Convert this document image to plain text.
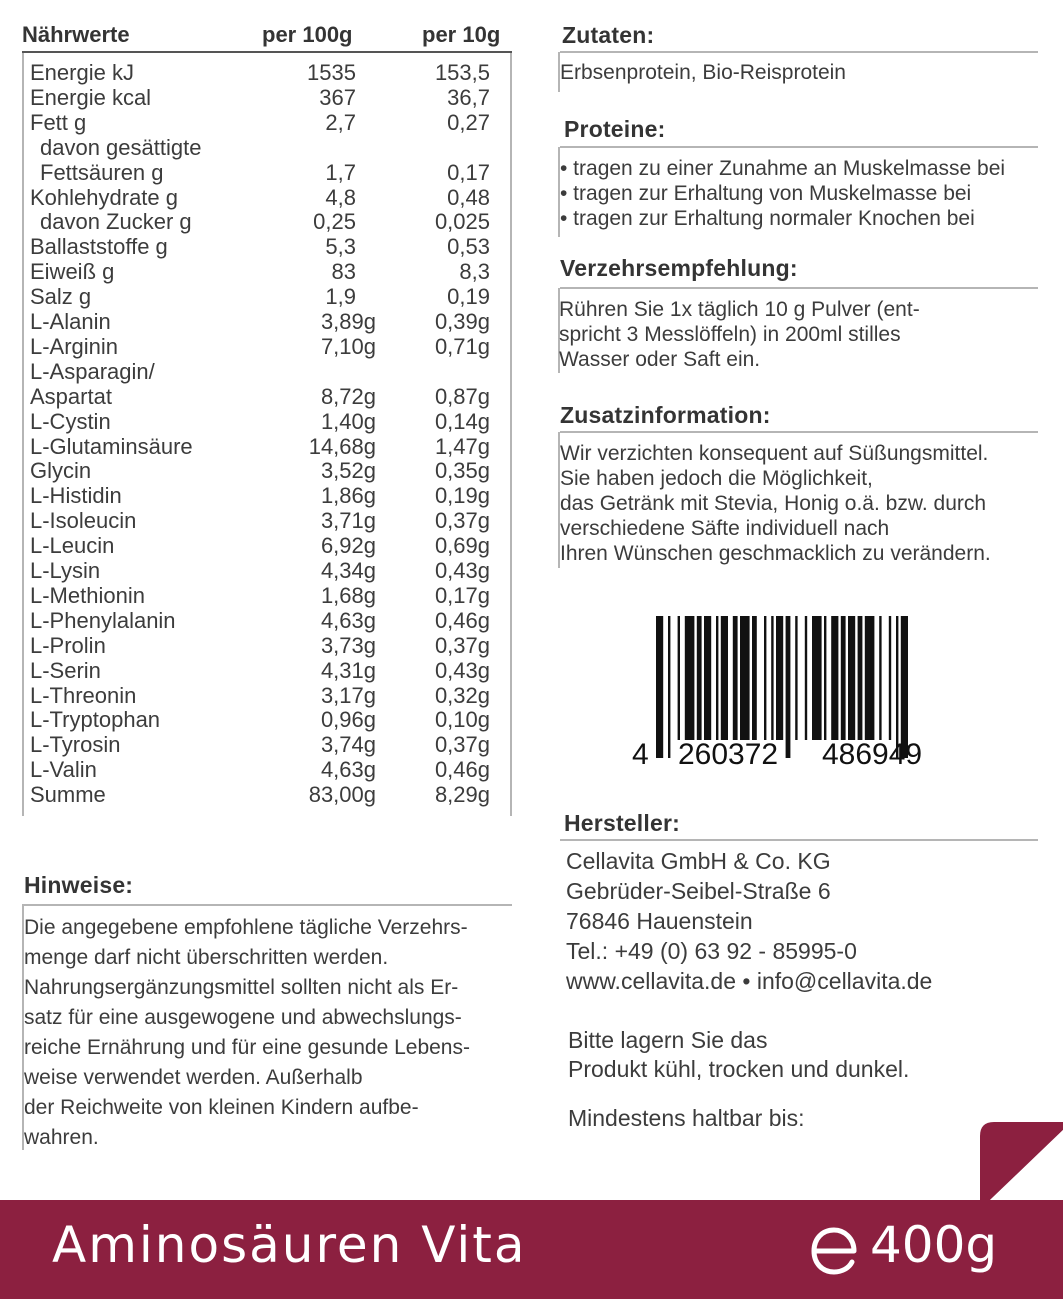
Nährwerte	per 100g	per 10g
Energie kJ	1535	153,5
Energie kcal	367	36,7
Fett g	2,7	0,27
davon gesättigte
Fettsäuren g	1,7	0,17
Kohlehydrate g	4,8	0,48
davon Zucker g	0,25	0,025
Ballaststoffe g	5,3	0,53
Eiweiß g	83	8,3
Salz g	1,9	0,19
L-Alanin	3,89g	0,39g
L-Arginin	7,10g	0,71g
L-Asparagin/
Aspartat	8,72g	0,87g
L-Cystin	1,40g	0,14g
L-Glutaminsäure	14,68g	1,47g
Glycin	3,52g	0,35g
L-Histidin	1,86g	0,19g
L-Isoleucin	3,71g	0,37g
L-Leucin	6,92g	0,69g
L-Lysin	4,34g	0,43g
L-Methionin	1,68g	0,17g
L-Phenylalanin	4,63g	0,46g
L-Prolin	3,73g	0,37g
L-Serin	4,31g	0,43g
L-Threonin	3,17g	0,32g
L-Tryptophan	0,96g	0,10g
L-Tyrosin	3,74g	0,37g
L-Valin	4,63g	0,46g
Summe	83,00g	8,29g
Zutaten:
Erbsenprotein, Bio-Reisprotein
Proteine:
• tragen zu einer Zunahme an Muskelmasse bei
• tragen zur Erhaltung von Muskelmasse bei
• tragen zur Erhaltung normaler Knochen bei
Verzehrsempfehlung:
Rühren Sie 1x täglich 10 g Pulver (ent-
spricht 3 Messlöffeln) in 200ml stilles
Wasser oder Saft ein.
Zusatzinformation:
Wir verzichten konsequent auf Süßungsmittel.
Sie haben jedoch die Möglichkeit,
das Getränk mit Stevia, Honig o.ä. bzw. durch
verschiedene Säfte individuell nach
Ihren Wünschen geschmacklich zu verändern.
4 260372 486949
Hersteller:
Cellavita GmbH & Co. KG
Gebrüder-Seibel-Straße 6
76846 Hauenstein
Tel.: +49 (0) 63 92 - 85995-0
www.cellavita.de • info@cellavita.de
Bitte lagern Sie das
Produkt kühl, trocken und dunkel.
Mindestens haltbar bis:
Hinweise:
Die angegebene empfohlene tägliche Verzehrs-
menge darf nicht überschritten werden.
Nahrungsergänzungsmittel sollten nicht als Er-
satz für eine ausgewogene und abwechslungs-
reiche Ernährung und für eine gesunde Lebens-
weise verwendet werden. Außerhalb
der Reichweite von kleinen Kindern aufbe-
wahren.
Aminosäuren Vita	400g
